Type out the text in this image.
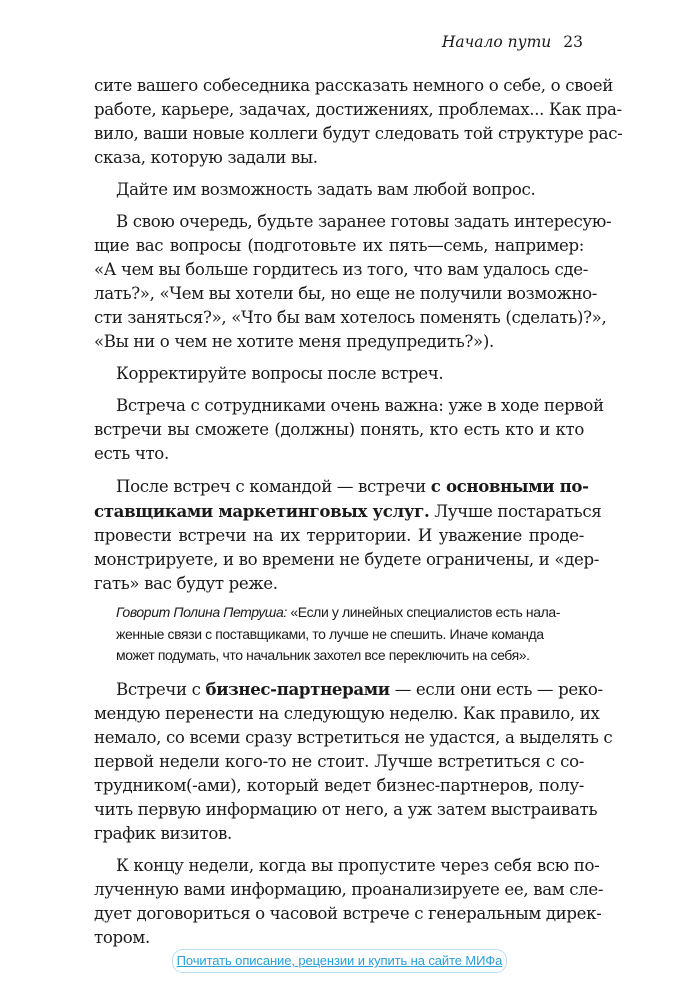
Начало пути 23
сите вашего собеседника рассказать немного о себе, о своей
работе, карьере, задачах, достижениях, проблемах... Как пра-
вило, ваши новые коллеги будут следовать той структуре рас-
сказа, которую задали вы.
Дайте им возможность задать вам любой вопрос.
В свою очередь, будьте заранее готовы задать интересую-
щие вас вопросы (подготовьте их пять—семь, например:
«А чем вы больше гордитесь из того, что вам удалось сде-
лать?», «Чем вы хотели бы, но еще не получили возможно-
сти заняться?», «Что бы вам хотелось поменять (сделать)?»,
«Вы ни о чем не хотите меня предупредить?»).
Корректируйте вопросы после встреч.
Встреча с сотрудниками очень важна: уже в ходе первой
встречи вы сможете (должны) понять, кто есть кто и кто
есть что.
После встреч с командой — встречи с основными по-
ставщиками маркетинговых услуг. Лучше постараться
провести встречи на их территории. И уважение продe-
монстрируете, и во времени не будете ограничены, и «дер-
гать» вас будут реже.
Говорит Полина Петруша: «Если у линейных специалистов есть нала-
женные связи с поставщиками, то лучше не спешить. Иначе команда
может подумать, что начальник захотел все переключить на себя».
Встречи с бизнес-партнерами — если они есть — реко-
мендую перенести на следующую неделю. Как правило, их
немало, со всеми сразу встретиться не удастся, а выделять с
первой недели кого-то не стоит. Лучше встретиться с со-
трудником(-ами), который ведет бизнес-партнеров, полу-
чить первую информацию от него, а уж затем выстраивать
график визитов.
К концу недели, когда вы пропустите через себя всю по-
лученную вами информацию, проанализируете ее, вам сле-
дует договориться о часовой встрече с генеральным дирек-
тором.
Почитать описание, рецензии и купить на сайте МИФа
